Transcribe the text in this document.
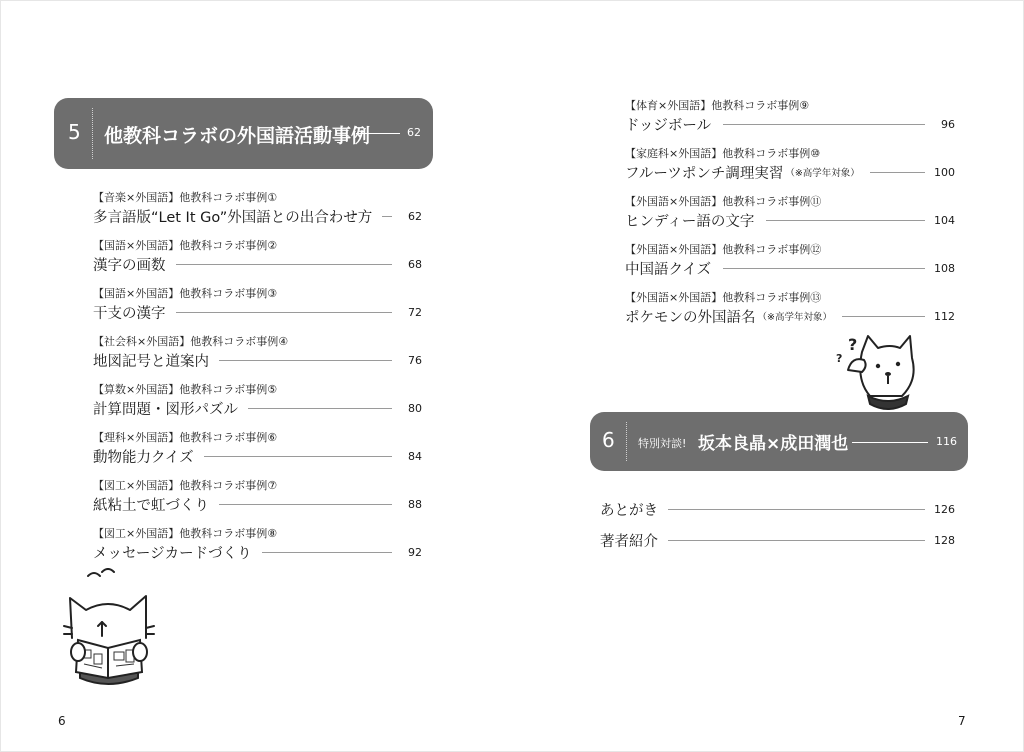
5 他教科コラボの外国語活動事例	62
【音楽×外国語】他教科コラボ事例①
多言語版“Let It Go”外国語との出合わせ方	62
【国語×外国語】他教科コラボ事例②
漢字の画数	68
【国語×外国語】他教科コラボ事例③
干支の漢字	72
【社会科×外国語】他教科コラボ事例④
地図記号と道案内	76
【算数×外国語】他教科コラボ事例⑤
計算問題・図形パズル	80
【理科×外国語】他教科コラボ事例⑥
動物能力クイズ	84
【図工×外国語】他教科コラボ事例⑦
紙粘土で虹づくり	88
【図工×外国語】他教科コラボ事例⑧
メッセージカードづくり	92
6
【体育×外国語】他教科コラボ事例⑨
ドッジボール	96
【家庭科×外国語】他教科コラボ事例⑩
フルーツポンチ調理実習 （※高学年対象）	100
【外国語×外国語】他教科コラボ事例⑪
ヒンディー語の文字	104
【外国語×外国語】他教科コラボ事例⑫
中国語クイズ	108
【外国語×外国語】他教科コラボ事例⑬
ポケモンの外国語名 （※高学年対象）	112
?
?
6 特別対談! 坂本良晶×成田潤也	116
あとがき	126
著者紹介	128
7
